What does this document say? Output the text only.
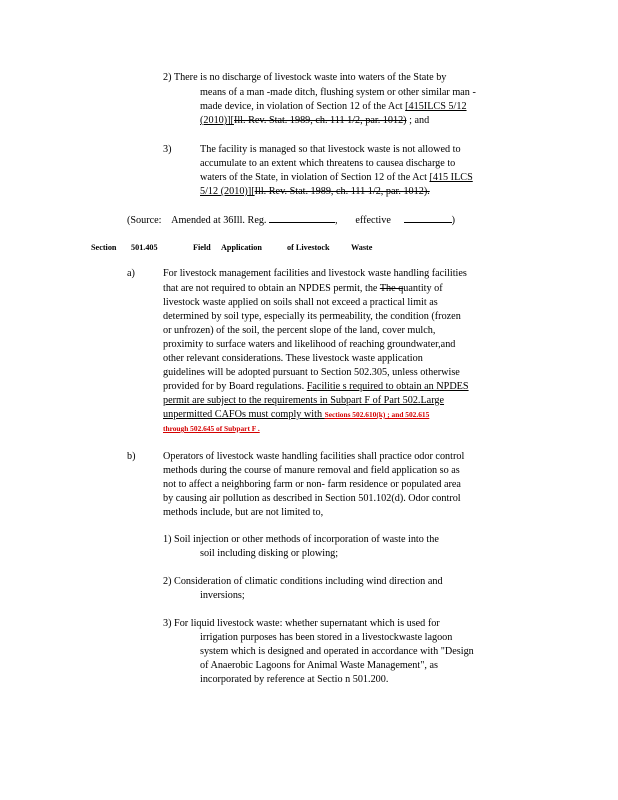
2) There is no discharge of livestock waste into waters of the State by
means of a man -made ditch, flushing system or other similar man -
made device, in violation of Section 12 of the Act [415ILCS 5/12
(2010)][Ill. Rev. Stat. 1989, ch. 111 1/2, par. 1012) ; and
3)	The facility is managed so that livestock waste is not allowed to
accumulate to an extent which threatens to causea discharge to
waters of the State, in violation of Section 12 of the Act [415 ILCS
5/12 (2010)][Ill. Rev. Stat. 1989, ch. 111 1/2, par. 1012).
(Source: Amended at 36Ill. Reg.	, effective	)
Section 501.405	Field Application	of Livestock	Waste
a)	For livestock management facilities and livestock waste handling facilities
that are not required to obtain an NPDES permit, the The quantity of
livestock waste applied on soils shall not exceed a practical limit as
determined by soil type, especially its permeability, the condition (frozen
or unfrozen) of the soil, the percent slope of the land, cover mulch,
proximity to surface waters and likelihood of reaching groundwater,and
other relevant considerations. These livestock waste application
guidelines will be adopted pursuant to Section 502.305, unless otherwise
provided for by Board regulations. Facilitie s required to obtain an NPDES
permit are subject to the requirements in Subpart F of Part 502.Large
unpermitted CAFOs must comply with Sections 502.610(k) ; and 502.615
through 502.645 of Subpart F .
b)	Operators of livestock waste handling facilities shall practice odor control
methods during the course of manure removal and field application so as
not to affect a neighboring farm or non- farm residence or populated area
by causing air pollution as described in Section 501.102(d). Odor control
methods include, but are not limited to,
1) Soil injection or other methods of incorporation of waste into the
soil including disking or plowing;
2) Consideration of climatic conditions including wind direction and
inversions;
3) For liquid livestock waste: whether supernatant which is used for
irrigation purposes has been stored in a livestockwaste lagoon
system which is designed and operated in accordance with "Design
of Anaerobic Lagoons for Animal Waste Management", as
incorporated by reference at Sectio n 501.200.
